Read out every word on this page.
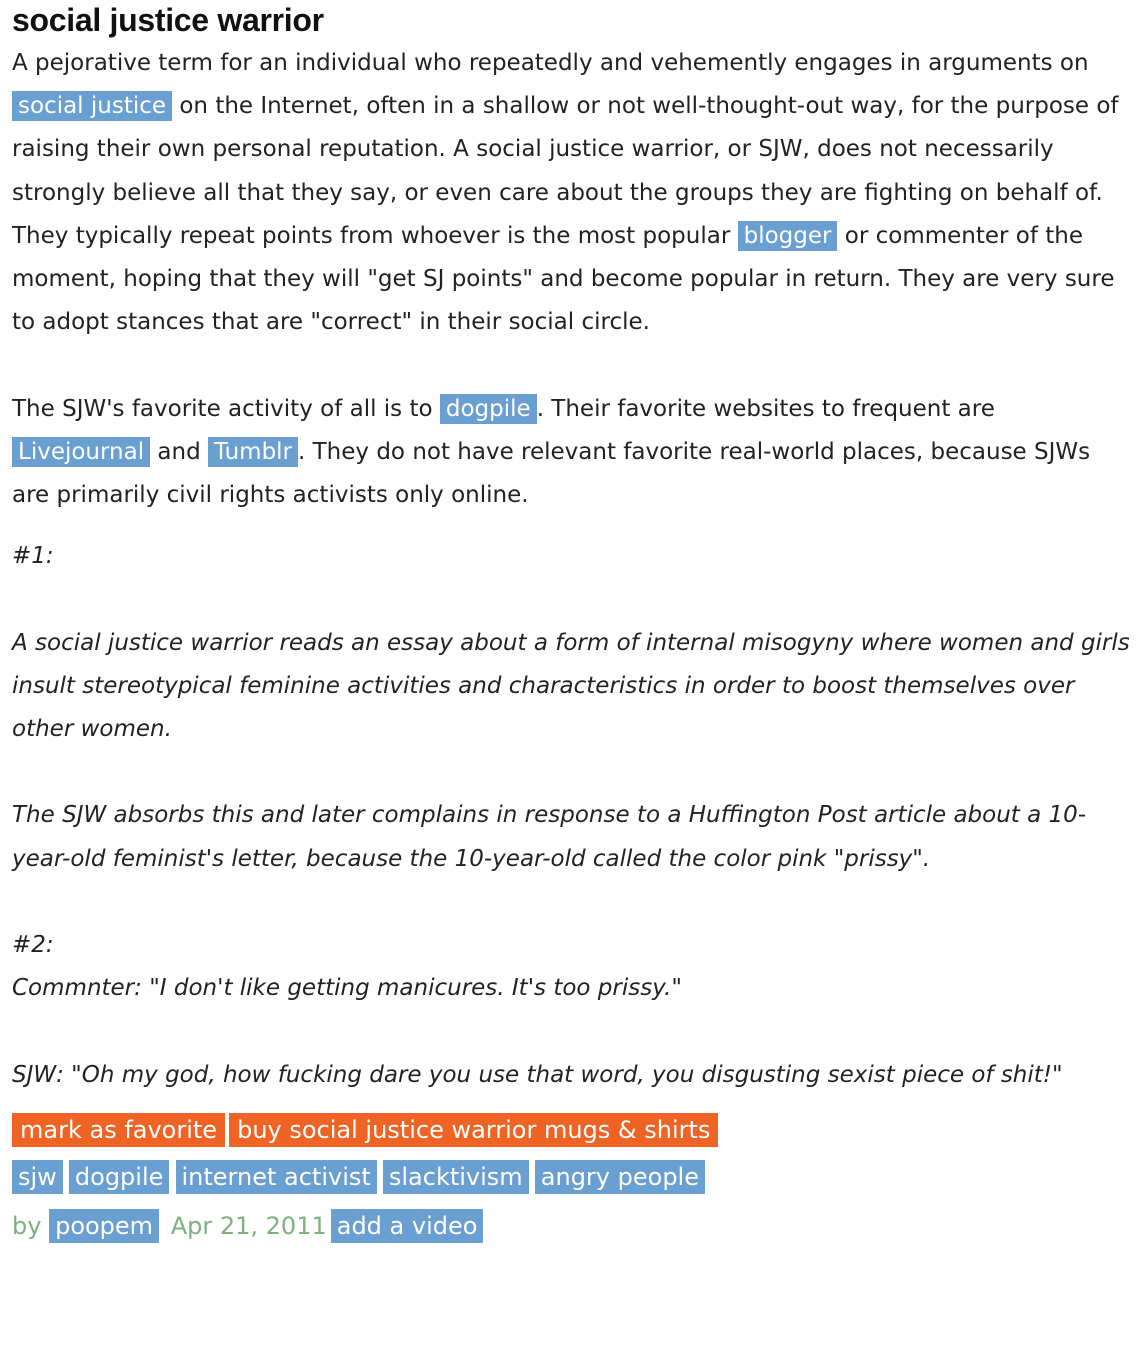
social justice warrior
A pejorative term for an individual who repeatedly and vehemently engages in arguments on social justice on the Internet, often in a shallow or not well-thought-out way, for the purpose of raising their own personal reputation. A social justice warrior, or SJW, does not necessarily strongly believe all that they say, or even care about the groups they are fighting on behalf of. They typically repeat points from whoever is the most popular blogger or commenter of the moment, hoping that they will "get SJ points" and become popular in return. They are very sure to adopt stances that are "correct" in their social circle.
The SJW's favorite activity of all is to dogpile . Their favorite websites to frequent are Livejournal and Tumblr . They do not have relevant favorite real-world places, because SJWs are primarily civil rights activists only online.
#1:
A social justice warrior reads an essay about a form of internal misogyny where women and girls insult stereotypical feminine activities and characteristics in order to boost themselves over other women.
The SJW absorbs this and later complains in response to a Huffington Post article about a 10-year-old feminist's letter, because the 10-year-old called the color pink "prissy".
#2:
Commnter: "I don't like getting manicures. It's too prissy."
SJW: "Oh my god, how fucking dare you use that word, you disgusting sexist piece of shit!"
mark as favorite buy social justice warrior mugs & shirts
sjw dogpile internet activist slacktivism angry people
by poopem Apr 21, 2011 add a video
